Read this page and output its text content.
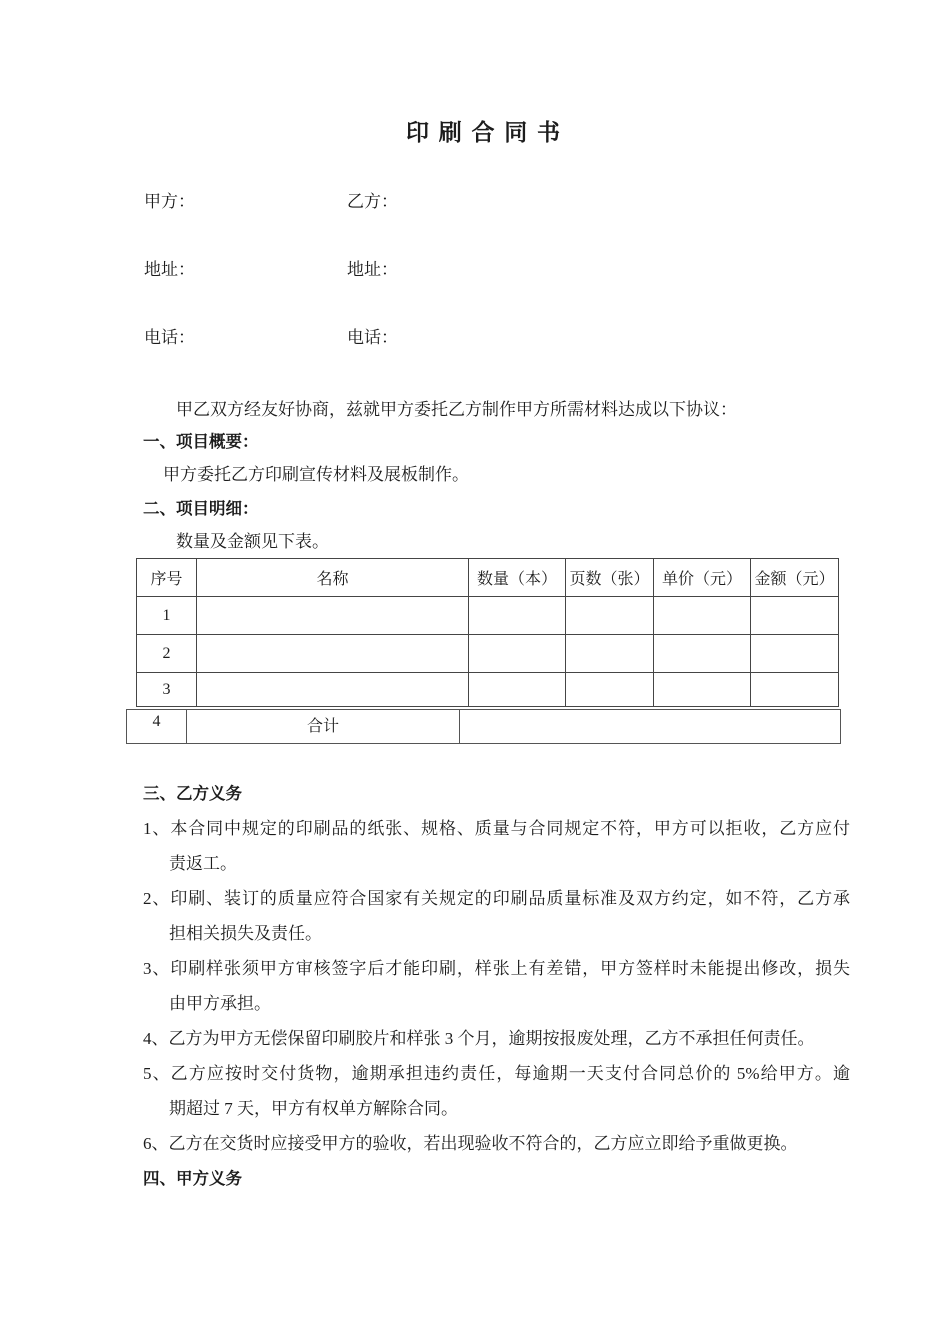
印 刷 合 同 书
甲方：	乙方：
地址：	地址：
电话：	电话：
甲乙双方经友好协商，兹就甲方委托乙方制作甲方所需材料达成以下协议：
一、项目概要：
甲方委托乙方印刷宣传材料及展板制作。
二、项目明细：
数量及金额见下表。
序号	名称	数量（本）	页数（张）	单价（元）	金额（元）
1					
2					
3					
4	合计	
三、乙方义务
1、本合同中规定的印刷品的纸张、规格、质量与合同规定不符，甲方可以拒收，乙方应付
责返工。
2、印刷、装订的质量应符合国家有关规定的印刷品质量标准及双方约定，如不符，乙方承
担相关损失及责任。
3、印刷样张须甲方审核签字后才能印刷，样张上有差错，甲方签样时未能提出修改，损失
由甲方承担。
4、乙方为甲方无偿保留印刷胶片和样张 3 个月，逾期按报废处理，乙方不承担任何责任。
5、乙方应按时交付货物，逾期承担违约责任，每逾期一天支付合同总价的 5%给甲方。逾
期超过 7 天，甲方有权单方解除合同。
6、乙方在交货时应接受甲方的验收，若出现验收不符合的，乙方应立即给予重做更换。
四、甲方义务
